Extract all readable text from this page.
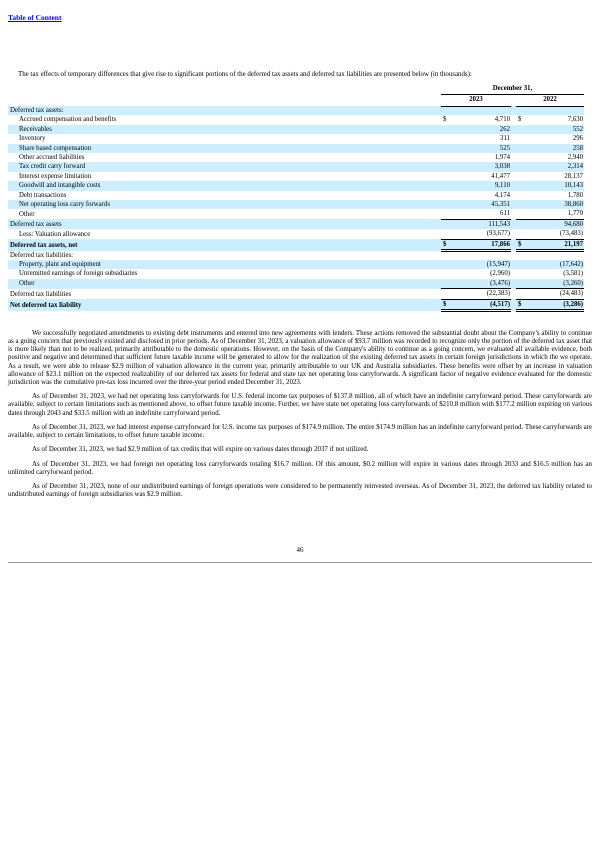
Table of Content
The tax effects of temporary differences that give rise to significant portions of the deferred tax assets and deferred tax liabilities are presented below (in thousands):
	December 31,				
	2023			2022	
Deferred tax assets:					
Accrued compensation and benefits	$	4,710		$	7,630
Receivables		262			552
Inventory		311			296
Share based compensation		525			258
Other accrued liabilities		1,974			2,940
Tax credit carry forward		3,038			2,314
Interest expense limitation		41,477			28,137
Goodwill and intangible costs		9,110			10,143
Debt transactions		4,174			1,780
Net operating loss carry forwards		45,351			38,860
Other		611			1,770
Deferred tax assets		111,543			94,680
Less: Valuation allowance		(93,677)			(73,483)
Deferred tax assets, net	$	17,866		$	21,197
Deferred tax liabilities:					
Property, plant and equipment		(15,947)			(17,642)
Unremitted earnings of foreign subsidiaries		(2,960)			(3,581)
Other		(3,476)			(3,260)
Deferred tax liabilities		(22,383)			(24,483)
Net deferred tax liability	$	(4,517)		$	(3,286)

We successfully negotiated amendments to existing debt instruments and entered into new agreements with lenders. These actions removed the substantial doubt about the Company's ability to continue as a going concern that previously existed and disclosed in prior periods. As of December 31, 2023, a valuation allowance of $93.7 million was recorded to recognize only the portion of the deferred tax asset that is more likely than not to be realized, primarily attributable to the domestic operations. However, on the basis of the Company's ability to continue as a going concern, we evaluated all available evidence, both positive and negative and determined that sufficient future taxable income will be generated to allow for the realization of the existing deferred tax assets in certain foreign jurisdictions in which the we operate. As a result, we were able to release $2.9 million of valuation allowance in the current year, primarily attributable to our UK and Australia subsidiaries. These benefits were offset by an increase in valuation allowance of $23.1 million on the expected realizability of our deferred tax assets for federal and state tax net operating loss carryforwards. A significant factor of negative evidence evaluated for the domestic jurisdiction was the cumulative pre-tax loss incurred over the three-year period ended December 31, 2023.

As of December 31, 2023, we had net operating loss carryforwards for U.S. federal income tax purposes of $137.8 million, all of which have an indefinite carryforward period. These carryforwards are available, subject to certain limitations such as mentioned above, to offset future taxable income. Further, we have state net operating loss carryforwards of $210.8 million with $177.2 million expiring on various dates through 2043 and $33.5 million with an indefinite carryforward period.

As of December 31, 2023, we had interest expense carryforward for U.S. income tax purposes of $174.9 million. The entire $174.9 million has an indefinite carryforward period. These carryforwards are available, subject to certain limitations, to offset future taxable income.

As of December 31, 2023, we had $2.9 million of tax credits that will expire on various dates through 2037 if not utilized.

As of December 31, 2023, we had foreign net operating loss carryforwards totaling $16.7 million. Of this amount, $0.2 million will expire in various dates through 2033 and $16.5 million has an unlimited carryforward period.

As of December 31, 2023, none of our undistributed earnings of foreign operations were considered to be permanently reinvested overseas. As of December 31, 2023, the deferred tax liability related to undistributed earnings of foreign subsidiaries was $2.9 million.

46
